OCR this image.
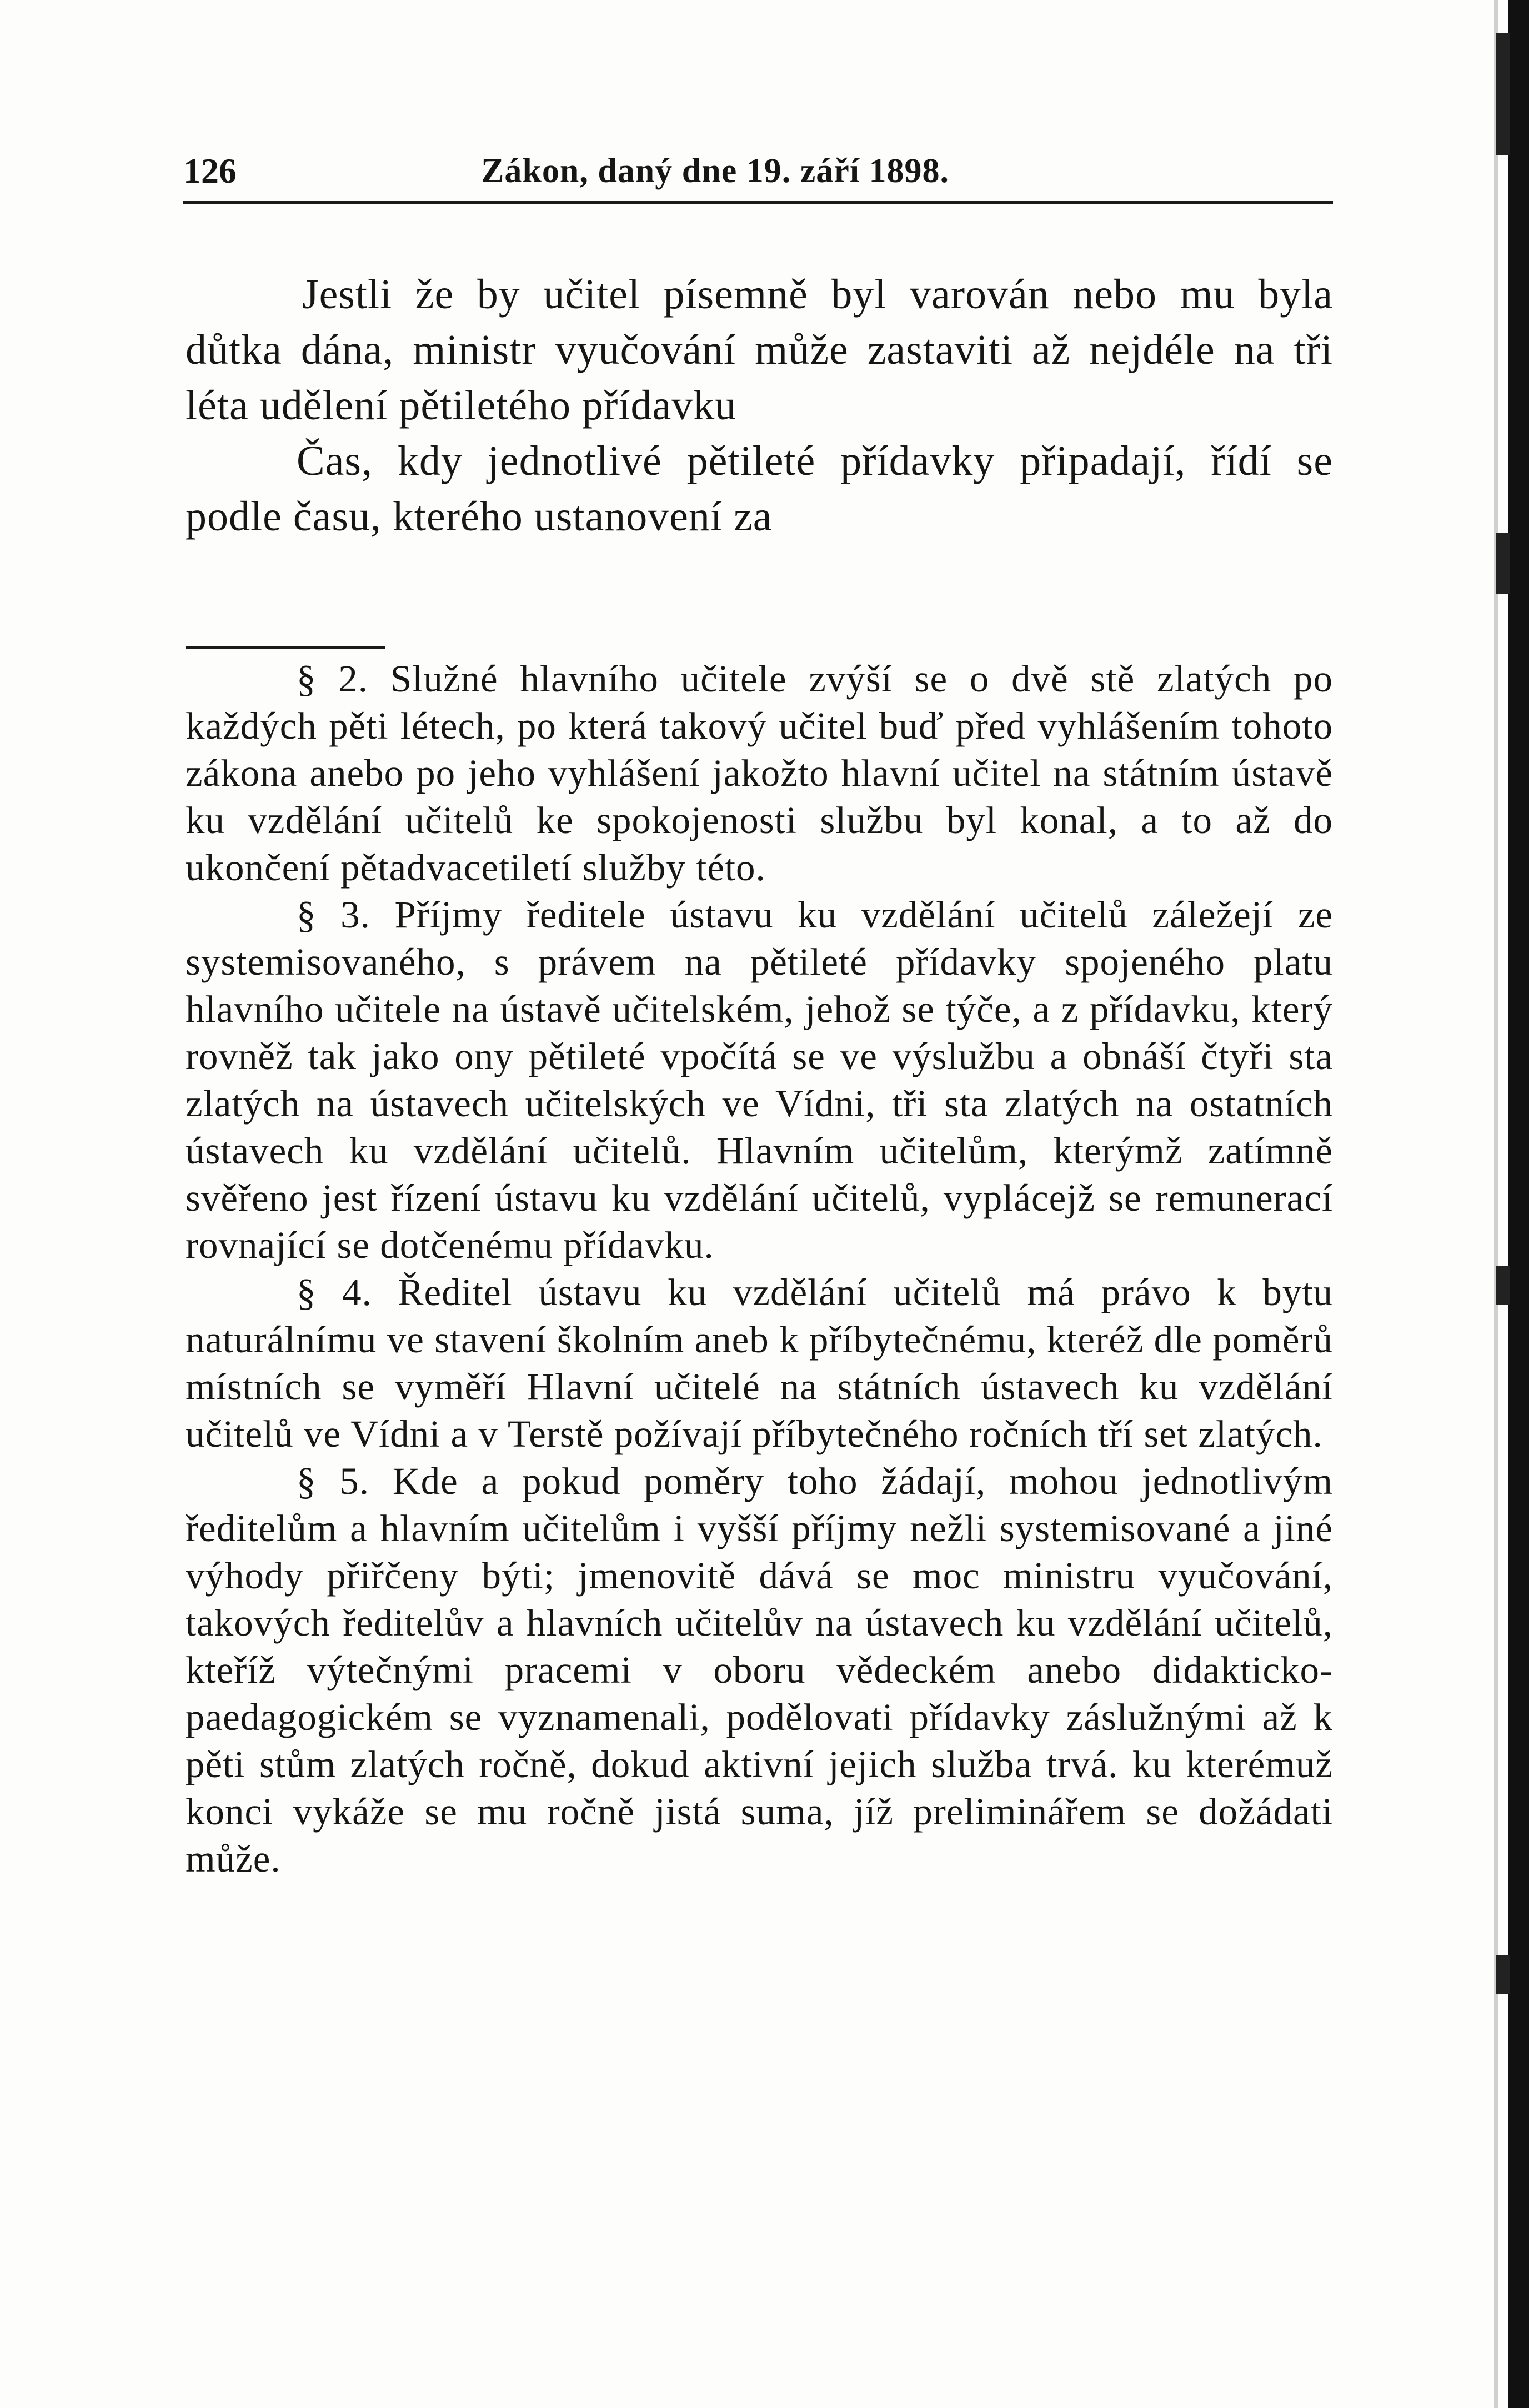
126	Zákon, daný dne 19. září 1898.

Jestli že by učitel písemně byl varován nebo mu byla důtka dána, ministr vyučování může zastaviti až nejdéle na tři léta udělení pětiletého přídavku

Čas, kdy jednotlivé pětileté přídavky připadají, řídí se podle času, kterého ustanovení za

§ 2. Služné hlavního učitele zvýší se o dvě stě zlatých po každých pěti létech, po která takový učitel buď před vyhlášením tohoto zákona anebo po jeho vyhlášení jakožto hlavní učitel na státním ústavě ku vzdělání učitelů ke spokojenosti službu byl konal, a to až do ukončení pětadvacetiletí služby této.

§ 3. Příjmy ředitele ústavu ku vzdělání učitelů záležejí ze systemisovaného, s právem na pětileté přídavky spojeného platu hlavního učitele na ústavě učitelském, jehož se týče, a z přídavku, který rovněž tak jako ony pětileté vpočítá se ve výslužbu a obnáší čtyři sta zlatých na ústavech učitelských ve Vídni, tři sta zlatých na ostatních ústavech ku vzdělání učitelů. Hlavním učitelům, kterýmž zatímně svěřeno jest řízení ústavu ku vzdělání učitelů, vyplácejž se remunerací rovnající se dotčenému přídavku.

§ 4. Ředitel ústavu ku vzdělání učitelů má právo k bytu naturálnímu ve stavení školním aneb k příbytečnému, kteréž dle poměrů místních se vyměří Hlavní učitelé na státních ústavech ku vzdělání učitelů ve Vídni a v Terstě požívají příbytečného ročních tří set zlatých.

§ 5. Kde a pokud poměry toho žádají, mohou jednotlivým ředitelům a hlavním učitelům i vyšší příjmy nežli systemisované a jiné výhody přiřčeny býti; jmenovitě dává se moc ministru vyučování, takových ředitelův a hlavních učitelův na ústavech ku vzdělání učitelů, kteříž výtečnými pracemi v oboru vědeckém anebo didakticko-paedagogickém se vyznamenali, podělovati přídavky záslužnými až k pěti stům zlatých ročně, dokud aktivní jejich služba trvá. ku kterémuž konci vykáže se mu ročně jistá suma, jíž preliminářem se dožádati může.
